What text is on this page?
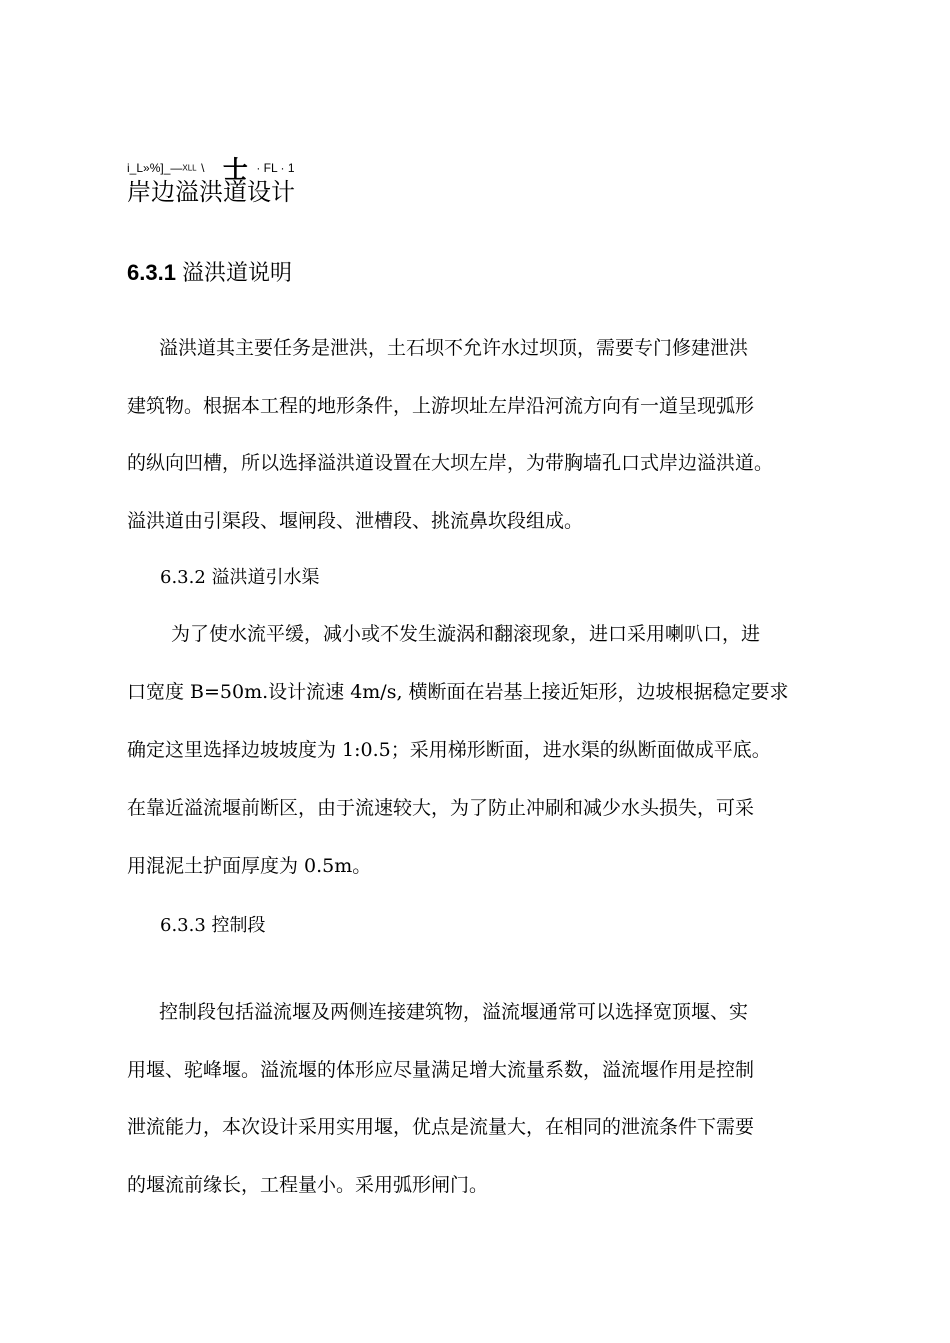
i_L»%]_—XLL \ 士 · FL · 1
岸边溢洪道设计
6.3.1 溢洪道说明
溢洪道其主要任务是泄洪，土石坝不允许水过坝顶，需要专门修建泄洪
建筑物。根据本工程的地形条件，上游坝址左岸沿河流方向有一道呈现弧形
的纵向凹槽，所以选择溢洪道设置在大坝左岸，为带胸墙孔口式岸边溢洪道。
溢洪道由引渠段、堰闸段、泄槽段、挑流鼻坎段组成。
6.3.2 溢洪道引水渠
为了使水流平缓，减小或不发生漩涡和翻滚现象，进口采用喇叭口，进
口宽度 B=50m.设计流速 4m/s, 横断面在岩基上接近矩形，边坡根据稳定要求
确定这里选择边坡坡度为 1:0.5；采用梯形断面，进水渠的纵断面做成平底。
在靠近溢流堰前断区，由于流速较大，为了防止冲刷和减少水头损失，可采
用混泥土护面厚度为 0.5m。
6.3.3 控制段
控制段包括溢流堰及两侧连接建筑物，溢流堰通常可以选择宽顶堰、实
用堰、驼峰堰。溢流堰的体形应尽量满足增大流量系数，溢流堰作用是控制
泄流能力，本次设计采用实用堰，优点是流量大，在相同的泄流条件下需要
的堰流前缘长，工程量小。采用弧形闸门。
